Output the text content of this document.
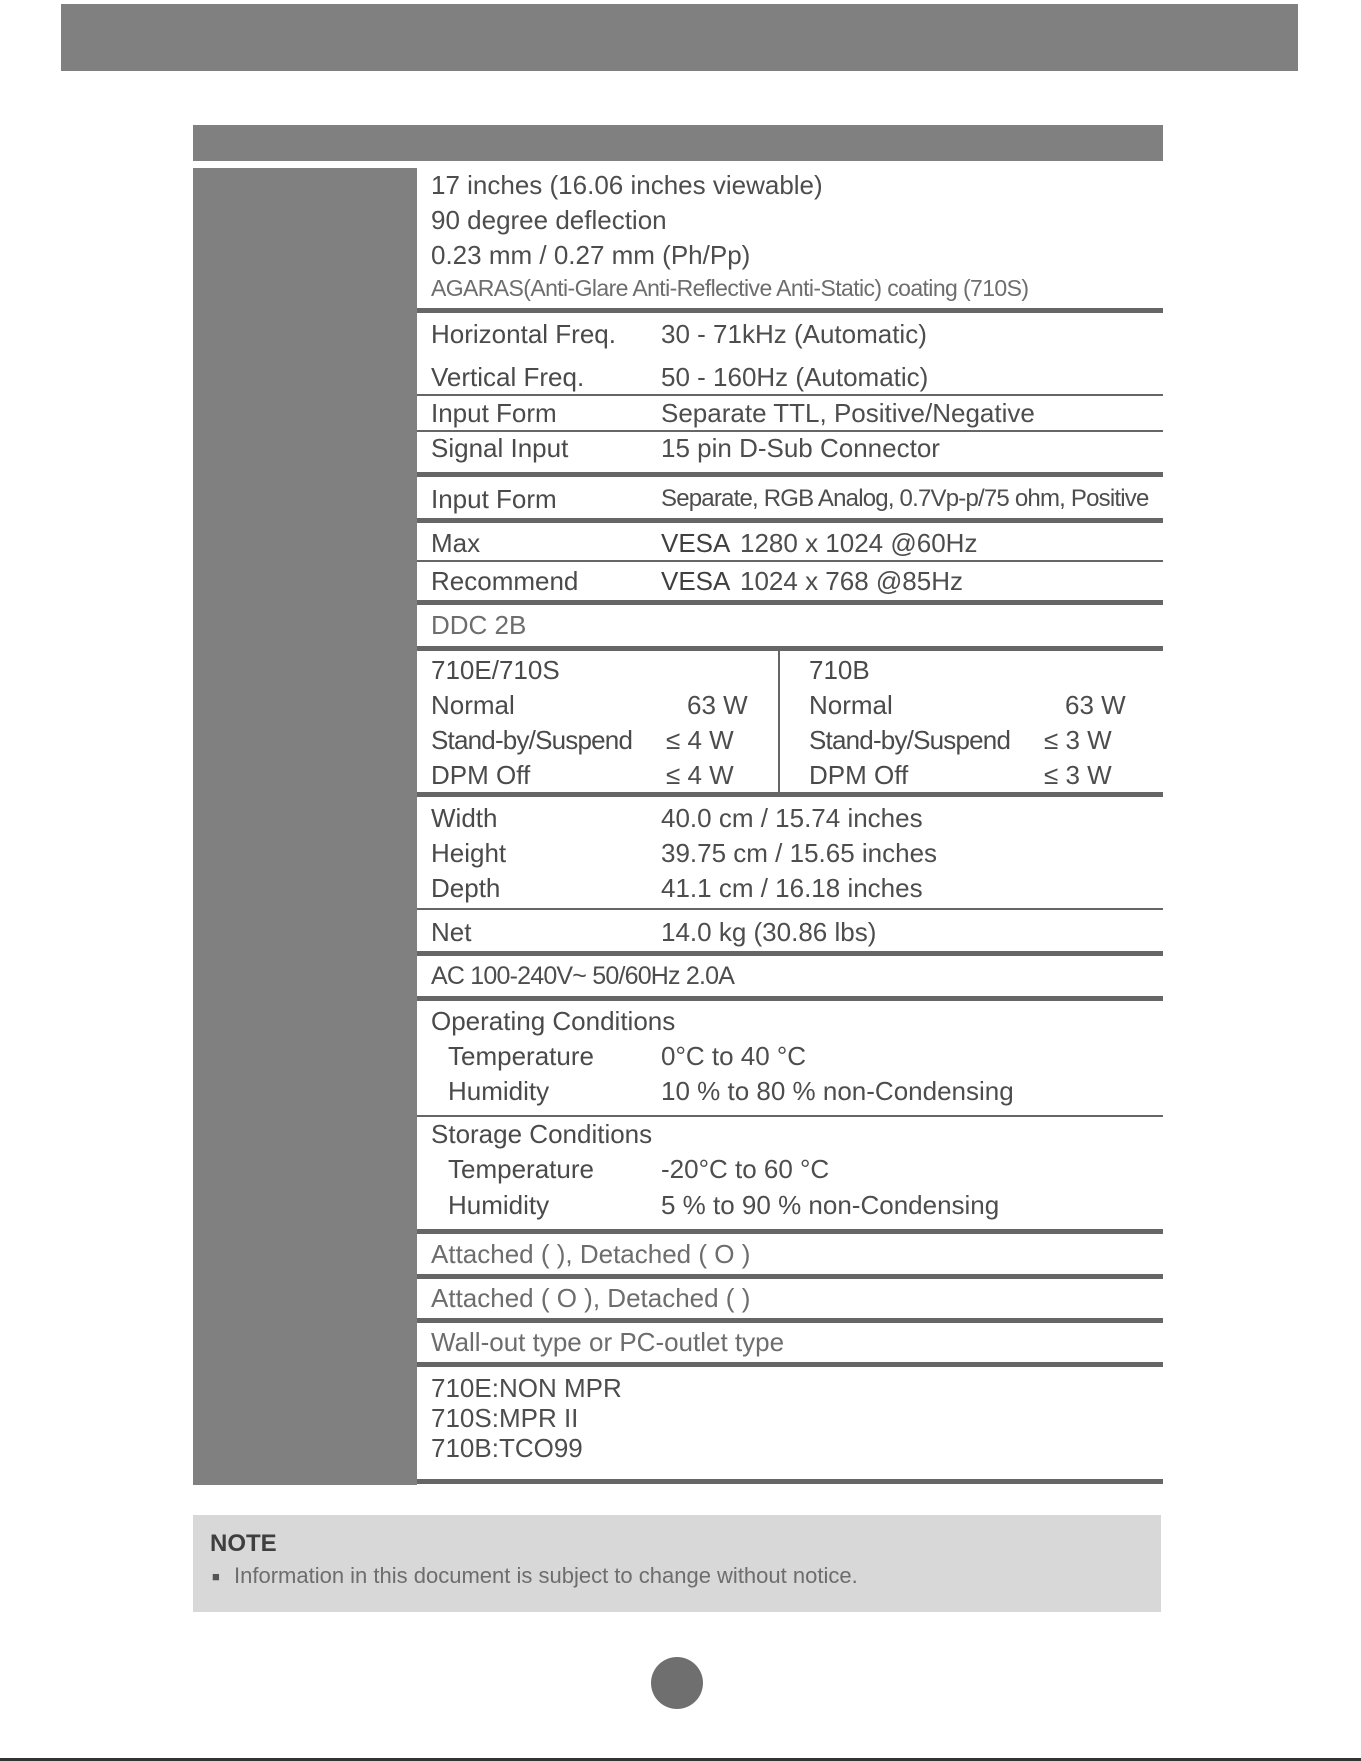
17 inches (16.06 inches viewable)
90 degree deflection
0.23 mm / 0.27 mm (Ph/Pp)
AGARAS(Anti-Glare Anti-Reflective Anti-Static) coating (710S)
Horizontal Freq. 30 - 71kHz (Automatic)
Vertical Freq.	50 - 160Hz (Automatic)
Input Form	Separate TTL, Positive/Negative
Signal Input	15 pin D-Sub Connector
Input Form	Separate, RGB Analog, 0.7Vp-p/75 ohm, Positive
Max	VESA 1280 x 1024 @60Hz
Recommend	VESA 1024 x 768 @85Hz
DDC 2B
710E/710S
Normal	63 W
Stand-by/Suspend ≤ 4 W
DPM Off	≤ 4 W
710B
Normal	63 W
Stand-by/Suspend ≤ 3 W
DPM Off	≤ 3 W
Width	40.0 cm / 15.74 inches
Height	39.75 cm / 15.65 inches
Depth	41.1 cm / 16.18 inches
Net	14.0 kg (30.86 lbs)
AC 100-240V~ 50/60Hz 2.0A
Operating Conditions
Temperature	0°C to 40 °C
Humidity	10 % to 80 % non-Condensing
Storage Conditions
Temperature	-20°C to 60 °C
Humidity	5 % to 90 % non-Condensing
Attached ( ), Detached ( O )
Attached ( O ), Detached ( )
Wall-out type or PC-outlet type
710E:NON MPR
710S:MPR II
710B:TCO99
NOTE
■ Information in this document is subject to change without notice.
